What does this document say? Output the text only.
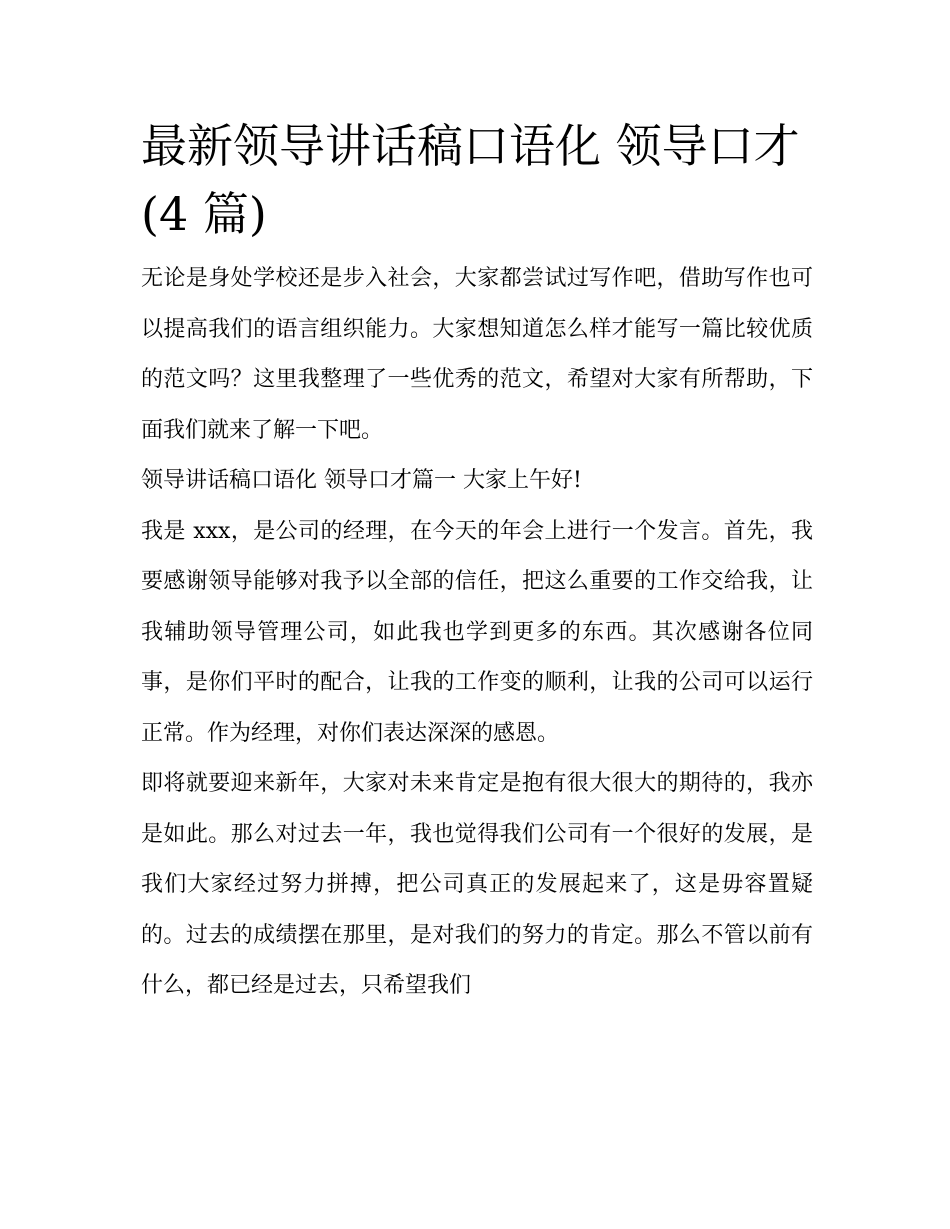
最新领导讲话稿口语化 领导口才(4 篇)

无论是身处学校还是步入社会，大家都尝试过写作吧，借助写作也可以提高我们的语言组织能力。大家想知道怎么样才能写一篇比较优质的范文吗？这里我整理了一些优秀的范文，希望对大家有所帮助，下面我们就来了解一下吧。

领导讲话稿口语化 领导口才篇一 大家上午好!

我是 xxx，是公司的经理，在今天的年会上进行一个发言。首先，我要感谢领导能够对我予以全部的信任，把这么重要的工作交给我，让我辅助领导管理公司，如此我也学到更多的东西。其次感谢各位同事，是你们平时的配合，让我的工作变的顺利，让我的公司可以运行正常。作为经理，对你们表达深深的感恩。

即将就要迎来新年，大家对未来肯定是抱有很大很大的期待的，我亦是如此。那么对过去一年，我也觉得我们公司有一个很好的发展，是我们大家经过努力拼搏，把公司真正的发展起来了，这是毋容置疑的。过去的成绩摆在那里，是对我们的努力的肯定。那么不管以前有什么，都已经是过去，只希望我们
